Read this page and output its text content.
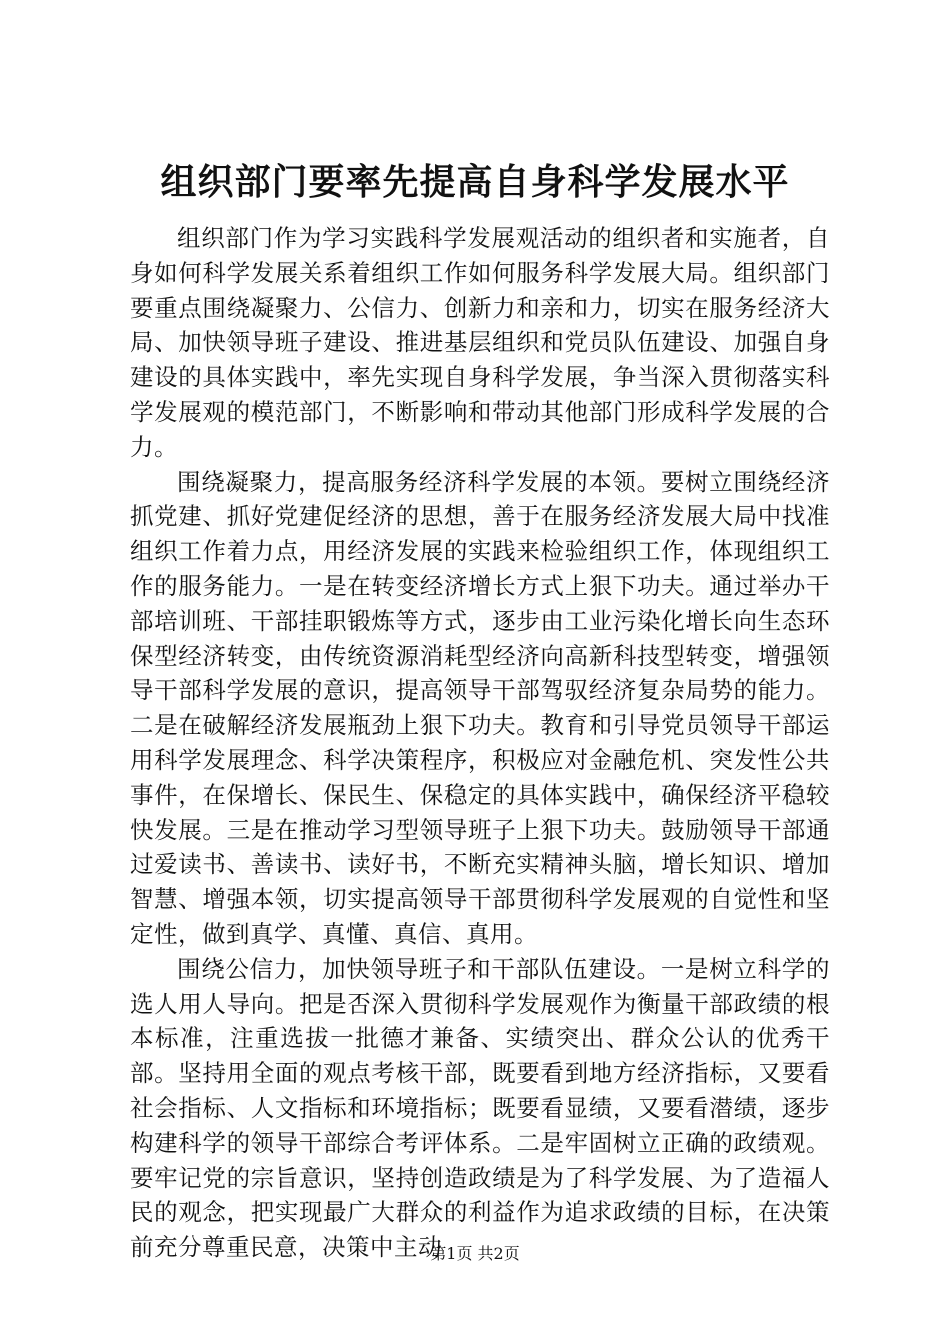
组织部门要率先提高自身科学发展水平

组织部门作为学习实践科学发展观活动的组织者和实施者，自身如何科学发展关系着组织工作如何服务科学发展大局。组织部门要重点围绕凝聚力、公信力、创新力和亲和力，切实在服务经济大局、加快领导班子建设、推进基层组织和党员队伍建设、加强自身建设的具体实践中，率先实现自身科学发展，争当深入贯彻落实科学发展观的模范部门，不断影响和带动其他部门形成科学发展的合力。

围绕凝聚力，提高服务经济科学发展的本领。要树立围绕经济抓党建、抓好党建促经济的思想，善于在服务经济发展大局中找准组织工作着力点，用经济发展的实践来检验组织工作，体现组织工作的服务能力。一是在转变经济增长方式上狠下功夫。通过举办干部培训班、干部挂职锻炼等方式，逐步由工业污染化增长向生态环保型经济转变，由传统资源消耗型经济向高新科技型转变，增强领导干部科学发展的意识，提高领导干部驾驭经济复杂局势的能力。二是在破解经济发展瓶劲上狠下功夫。教育和引导党员领导干部运用科学发展理念、科学决策程序，积极应对金融危机、突发性公共事件，在保增长、保民生、保稳定的具体实践中，确保经济平稳较快发展。三是在推动学习型领导班子上狠下功夫。鼓励领导干部通过爱读书、善读书、读好书，不断充实精神头脑，增长知识、增加智慧、增强本领，切实提高领导干部贯彻科学发展观的自觉性和坚定性，做到真学、真懂、真信、真用。

围绕公信力，加快领导班子和干部队伍建设。一是树立科学的选人用人导向。把是否深入贯彻科学发展观作为衡量干部政绩的根本标准，注重选拔一批德才兼备、实绩突出、群众公认的优秀干部。坚持用全面的观点考核干部，既要看到地方经济指标，又要看社会指标、人文指标和环境指标；既要看显绩，又要看潜绩，逐步构建科学的领导干部综合考评体系。二是牢固树立正确的政绩观。要牢记党的宗旨意识，坚持创造政绩是为了科学发展、为了造福人民的观念，把实现最广大群众的利益作为追求政绩的目标，在决策前充分尊重民意，决策中主动

第1页 共2页
